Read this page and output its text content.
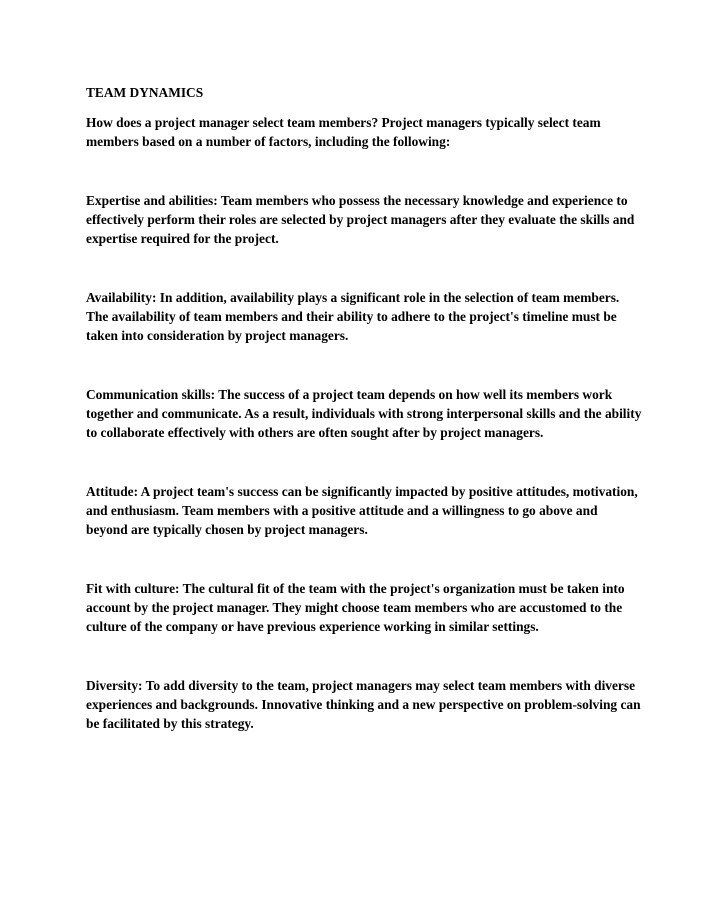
TEAM DYNAMICS

How does a project manager select team members? Project managers typically select team members based on a number of factors, including the following:

Expertise and abilities: Team members who possess the necessary knowledge and experience to effectively perform their roles are selected by project managers after they evaluate the skills and expertise required for the project.

Availability: In addition, availability plays a significant role in the selection of team members. The availability of team members and their ability to adhere to the project's timeline must be taken into consideration by project managers.

Communication skills: The success of a project team depends on how well its members work together and communicate. As a result, individuals with strong interpersonal skills and the ability to collaborate effectively with others are often sought after by project managers.

Attitude: A project team's success can be significantly impacted by positive attitudes, motivation, and enthusiasm. Team members with a positive attitude and a willingness to go above and beyond are typically chosen by project managers.

Fit with culture: The cultural fit of the team with the project's organization must be taken into account by the project manager. They might choose team members who are accustomed to the culture of the company or have previous experience working in similar settings.

Diversity: To add diversity to the team, project managers may select team members with diverse experiences and backgrounds. Innovative thinking and a new perspective on problem-solving can be facilitated by this strategy.
